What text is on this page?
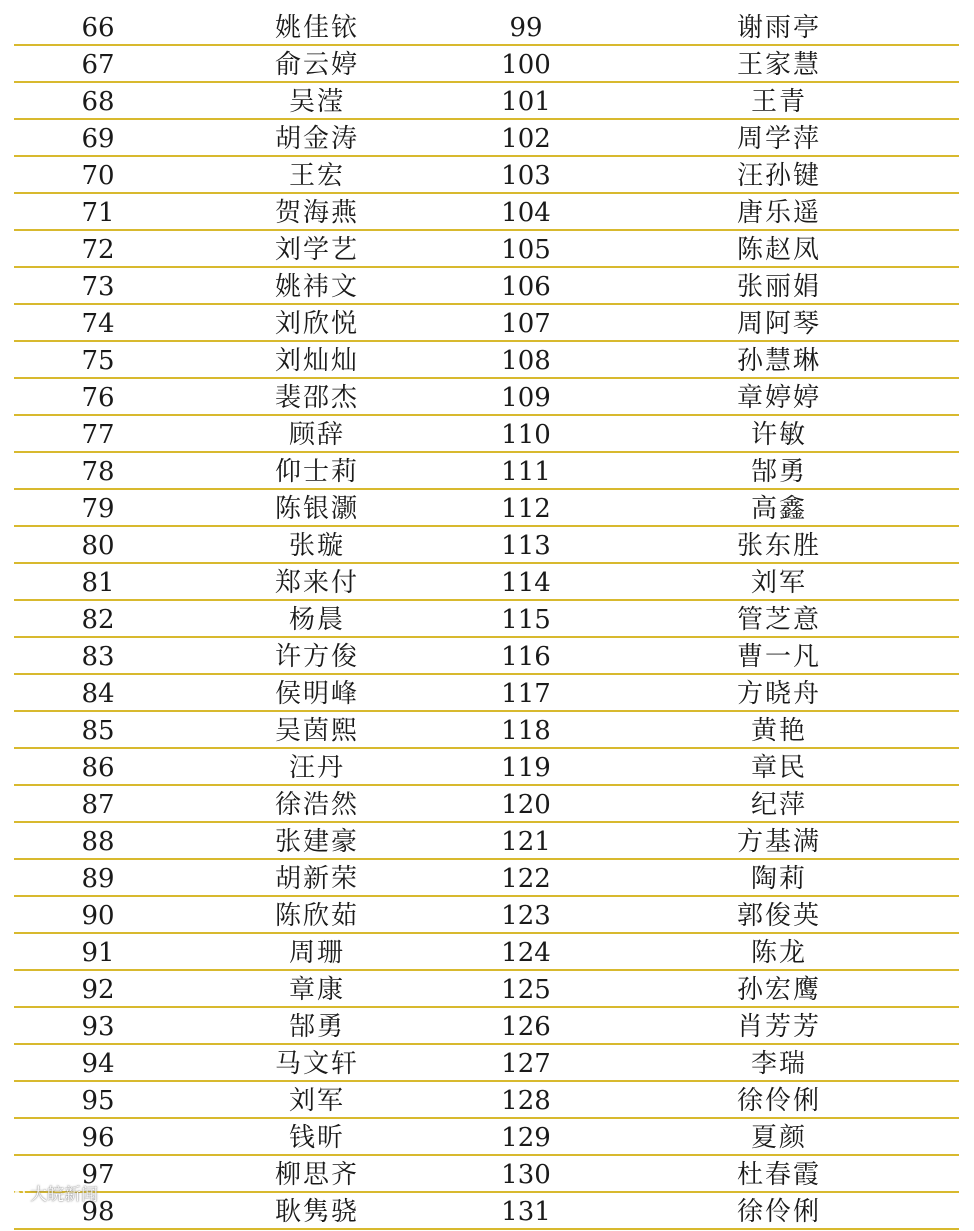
66	姚佳铱	99	谢雨亭
67	俞云婷	100	王家慧
68	吴滢	101	王青
69	胡金涛	102	周学萍
70	王宏	103	汪孙键
71	贺海燕	104	唐乐遥
72	刘学艺	105	陈赵凤
73	姚祎文	106	张丽娟
74	刘欣悦	107	周阿琴
75	刘灿灿	108	孙慧琳
76	裴邵杰	109	章婷婷
77	顾辞	110	许敏
78	仰士莉	111	郜勇
79	陈银灏	112	高鑫
80	张璇	113	张东胜
81	郑来付	114	刘军
82	杨晨	115	管芝意
83	许方俊	116	曹一凡
84	侯明峰	117	方晓舟
85	吴茵熙	118	黄艳
86	汪丹	119	章民
87	徐浩然	120	纪萍
88	张建豪	121	方基满
89	胡新荣	122	陶莉
90	陈欣茹	123	郭俊英
91	周珊	124	陈龙
92	章康	125	孙宏鹰
93	郜勇	126	肖芳芳
94	马文轩	127	李瑞
95	刘军	128	徐伶俐
96	钱昕	129	夏颜
97	柳思齐	130	杜春霞
98	耿隽骁	131	徐伶俐
大皖新闻
